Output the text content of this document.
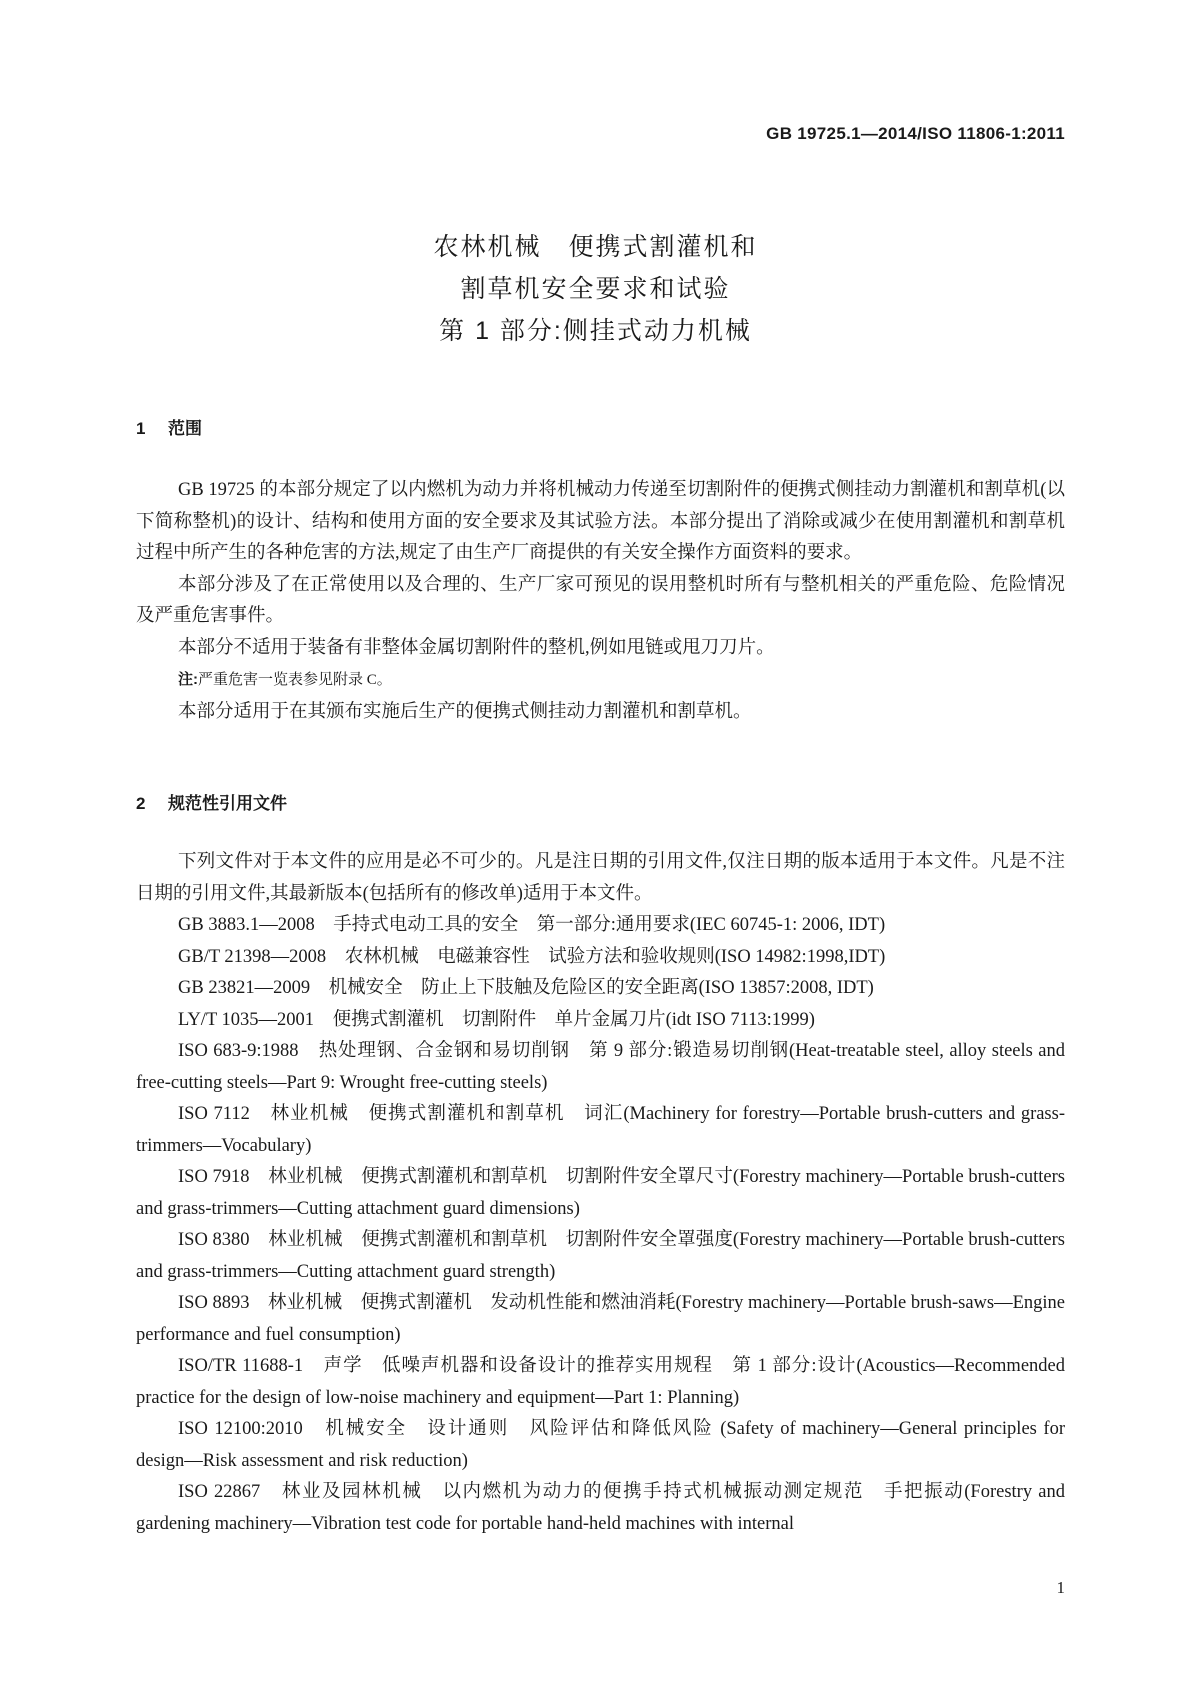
GB 19725.1—2014/ISO 11806-1:2011
农林机械　便携式割灌机和
割草机安全要求和试验
第 1 部分:侧挂式动力机械
1 范围

GB 19725 的本部分规定了以内燃机为动力并将机械动力传递至切割附件的便携式侧挂动力割灌机和割草机(以下简称整机)的设计、结构和使用方面的安全要求及其试验方法。本部分提出了消除或减少在使用割灌机和割草机过程中所产生的各种危害的方法,规定了由生产厂商提供的有关安全操作方面资料的要求。

本部分涉及了在正常使用以及合理的、生产厂家可预见的误用整机时所有与整机相关的严重危险、危险情况及严重危害事件。

本部分不适用于装备有非整体金属切割附件的整机,例如甩链或甩刀刀片。

注:严重危害一览表参见附录 C。

本部分适用于在其颁布实施后生产的便携式侧挂动力割灌机和割草机。

2 规范性引用文件

下列文件对于本文件的应用是必不可少的。凡是注日期的引用文件,仅注日期的版本适用于本文件。凡是不注日期的引用文件,其最新版本(包括所有的修改单)适用于本文件。

GB 3883.1—2008　 手持式电动工具的安全　第一部分:通用要求(IEC 60745-1: 2006, IDT)

GB/T 21398—2008　 农林机械　电磁兼容性　试验方法和验收规则(ISO 14982:1998,IDT)

GB 23821—2009　 机械安全　防止上下肢触及危险区的安全距离(ISO 13857:2008, IDT)

LY/T 1035—2001　 便携式割灌机　切割附件　单片金属刀片(idt ISO 7113:1999)

ISO 683-9:1988　 热处理钢、合金钢和易切削钢　第 9 部分:锻造易切削钢(Heat-treatable steel, alloy steels and free-cutting steels—Part 9: Wrought free-cutting steels)

ISO 7112　 林业机械　便携式割灌机和割草机　词汇(Machinery for forestry—Portable brush-cutters and grass-trimmers—Vocabulary)

ISO 7918　 林业机械　便携式割灌机和割草机　切割附件安全罩尺寸(Forestry machinery—Portable brush-cutters and grass-trimmers—Cutting attachment guard dimensions)

ISO 8380　 林业机械　便携式割灌机和割草机　切割附件安全罩强度(Forestry machinery—Portable brush-cutters and grass-trimmers—Cutting attachment guard strength)

ISO 8893　 林业机械　便携式割灌机　发动机性能和燃油消耗(Forestry machinery—Portable brush-saws—Engine performance and fuel consumption)

ISO/TR 11688-1　 声学　低噪声机器和设备设计的推荐实用规程　第 1 部分:设计(Acoustics—Recommended practice for the design of low-noise machinery and equipment—Part 1: Planning)

ISO 12100:2010　 机械安全　设计通则　风险评估和降低风险 (Safety of machinery—General principles for design—Risk assessment and risk reduction)

ISO 22867　 林业及园林机械　以内燃机为动力的便携手持式机械振动测定规范　手把振动(Forestry and gardening machinery—Vibration test code for portable hand-held machines with internal

1
